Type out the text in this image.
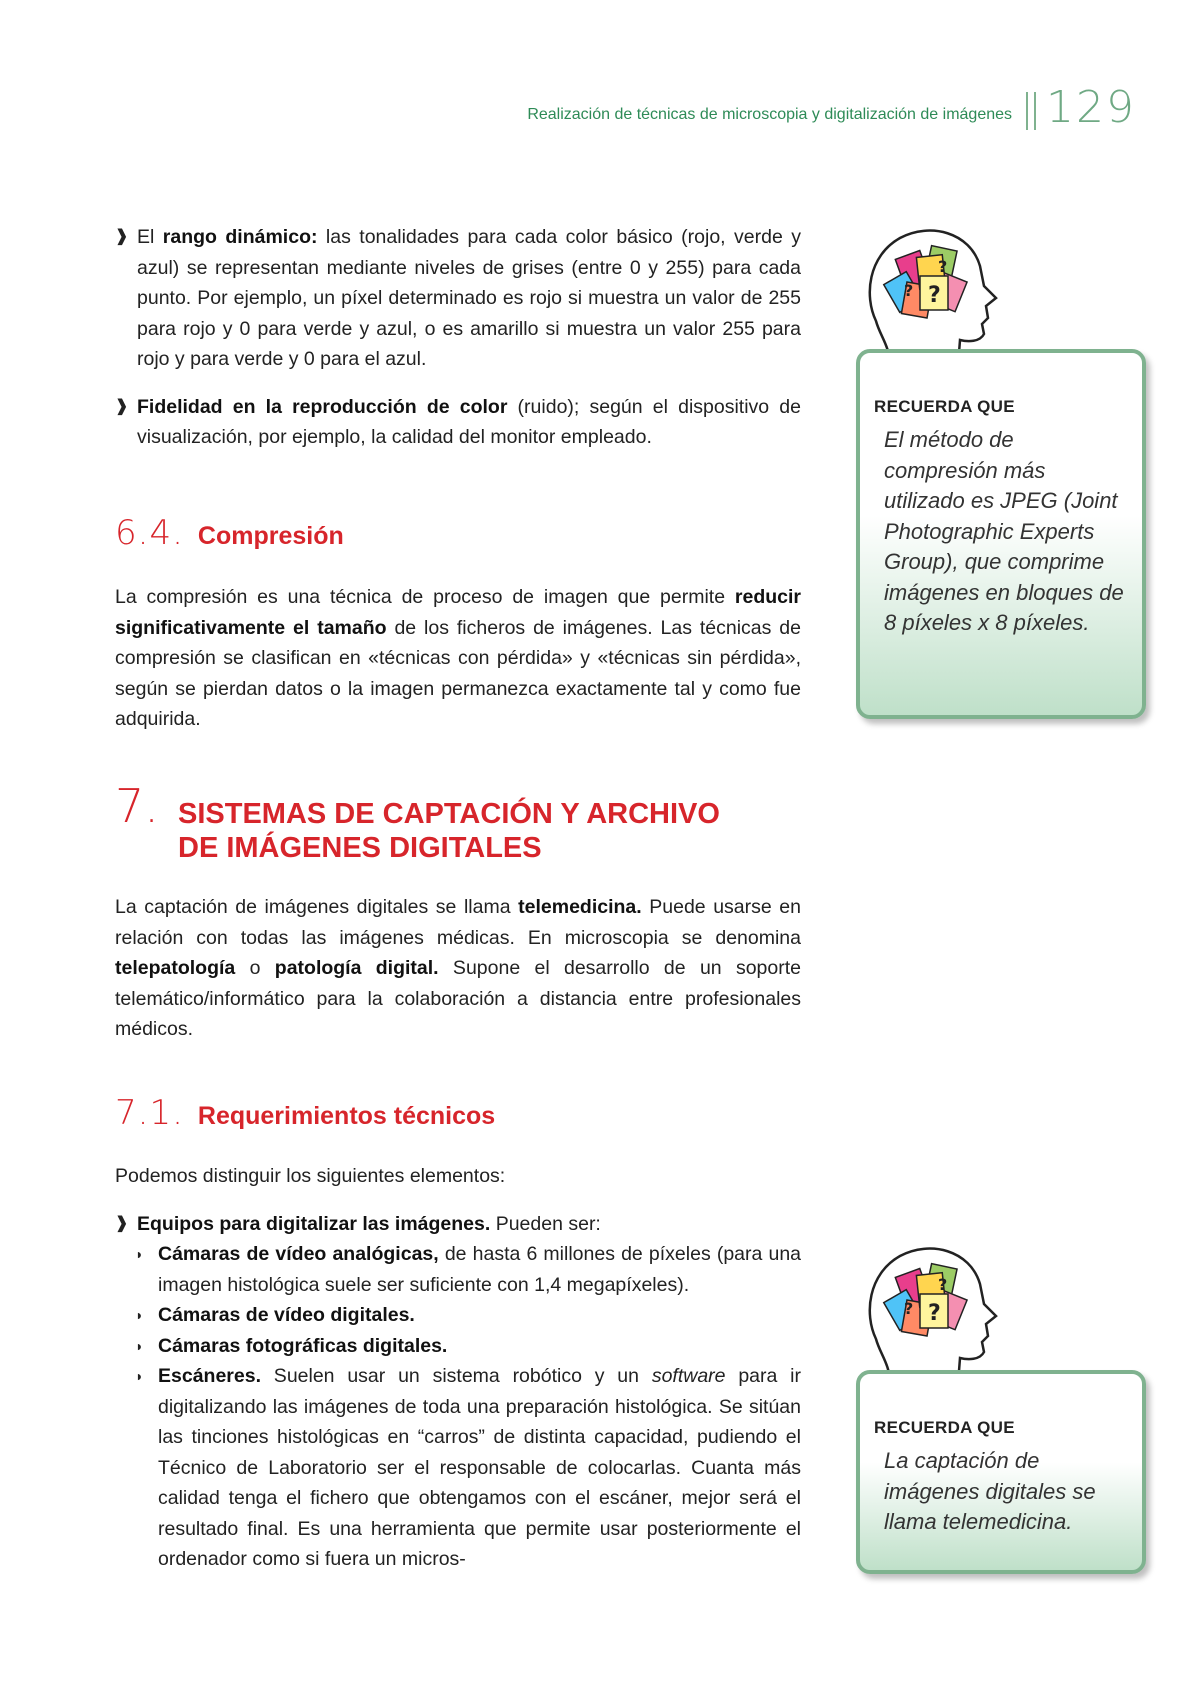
Realización de técnicas de microscopia y digitalización de imágenes 129

❱ El rango dinámico: las tonalidades para cada color básico (rojo, verde y azul) se representan mediante niveles de grises (entre 0 y 255) para cada punto. Por ejemplo, un píxel determinado es rojo si muestra un valor de 255 para rojo y 0 para verde y azul, o es amarillo si muestra un valor 255 para rojo y para verde y 0 para el azul.

❱ Fidelidad en la reproducción de color (ruido); según el dispositivo de visualización, por ejemplo, la calidad del monitor empleado.

6.4. Compresión

La compresión es una técnica de proceso de imagen que permite reducir significativamente el tamaño de los ficheros de imágenes. Las técnicas de compresión se clasifican en «técnicas con pérdida» y «técnicas sin pérdida», según se pierdan datos o la imagen permanezca exactamente tal y como fue adquirida.

7. SISTEMAS DE CAPTACIÓN Y ARCHIVO
DE IMÁGENES DIGITALES

La captación de imágenes digitales se llama telemedicina. Puede usarse en relación con todas las imágenes médicas. En microscopia se denomina telepatología o patología digital. Supone el desarrollo de un soporte telemático/informático para la colaboración a distancia entre profesionales médicos.

7.1. Requerimientos técnicos

Podemos distinguir los siguientes elementos:

❱ Equipos para digitalizar las imágenes. Pueden ser:

◗ Cámaras de vídeo analógicas, de hasta 6 millones de píxeles (para una imagen histológica suele ser suficiente con 1,4 megapíxeles).

◗ Cámaras de vídeo digitales.

◗ Cámaras fotográficas digitales.

◗ Escáneres. Suelen usar un sistema robótico y un software para ir digitalizando las imágenes de toda una preparación histológica. Se sitúan las tinciones histológicas en “carros” de distinta capacidad, pudiendo el Técnico de Laboratorio ser el responsable de colocarlas. Cuanta más calidad tenga el fichero que obtengamos con el escáner, mejor será el resultado final. Es una herramienta que permite usar posteriormente el ordenador como si fuera un micros-

?
?
?
RECUERDA QUE
El método de compresión más utilizado es JPEG (Joint Photographic Experts Group), que comprime imágenes en bloques de 8 píxeles x 8 píxeles.
?
?
?
RECUERDA QUE
La captación de imágenes digitales se llama telemedicina.
